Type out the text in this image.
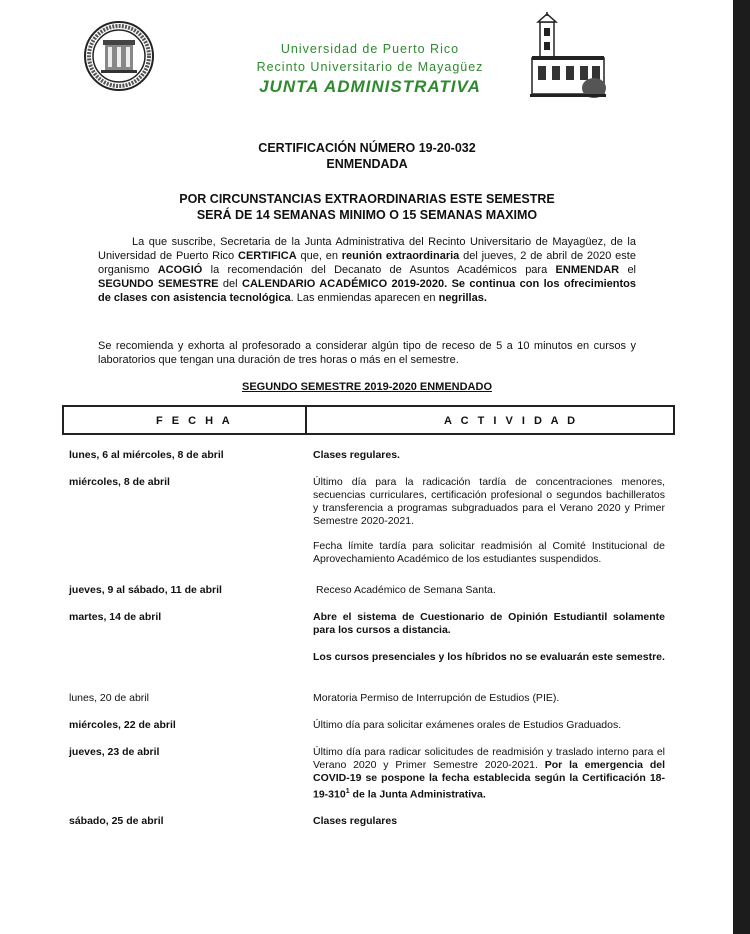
Universidad de Puerto Rico
Recinto Universitario de Mayagüez
JUNTA ADMINISTRATIVA
CERTIFICACIÓN NÚMERO 19-20-032
ENMENDADA
POR CIRCUNSTANCIAS EXTRAORDINARIAS ESTE SEMESTRE
SERÁ DE 14 SEMANAS MINIMO O 15 SEMANAS MAXIMO
La que suscribe, Secretaria de la Junta Administrativa del Recinto Universitario de Mayagüez, de la Universidad de Puerto Rico CERTIFICA que, en reunión extraordinaria del jueves, 2 de abril de 2020 este organismo ACOGIÓ la recomendación del Decanato de Asuntos Académicos para ENMENDAR el SEGUNDO SEMESTRE del CALENDARIO ACADÉMICO 2019-2020. Se continua con los ofrecimientos de clases con asistencia tecnológica. Las enmiendas aparecen en negrillas.
Se recomienda y exhorta al profesorado a considerar algún tipo de receso de 5 a 10 minutos en cursos y laboratorios que tengan una duración de tres horas o más en el semestre.
SEGUNDO SEMESTRE 2019-2020 ENMENDADO
F E C H A	A C T I V I D A D
lunes, 6 al miércoles, 8 de abril	Clases regulares.
miércoles, 8 de abril	Último día para la radicación tardía de concentraciones menores, secuencias curriculares, certificación profesional o segundos bachilleratos y transferencia a programas subgraduados para el Verano 2020 y Primer Semestre 2020-2021.
Fecha límite tardía para solicitar readmisión al Comité Institucional de Aprovechamiento Académico de los estudiantes suspendidos.
jueves, 9 al sábado, 11 de abril	Receso Académico de Semana Santa.
martes, 14 de abril	Abre el sistema de Cuestionario de Opinión Estudiantil solamente para los cursos a distancia.
Los cursos presenciales y los híbridos no se evaluarán este semestre.
lunes, 20 de abril	Moratoria Permiso de Interrupción de Estudios (PIE).
miércoles, 22 de abril	Último día para solicitar exámenes orales de Estudios Graduados.
jueves, 23 de abril	Último día para radicar solicitudes de readmisión y traslado interno para el Verano 2020 y Primer Semestre 2020-2021. Por la emergencia del COVID-19 se pospone la fecha establecida según la Certificación $18-19-310^1$ de la Junta Administrativa.
sábado, 25 de abril	Clases regulares
